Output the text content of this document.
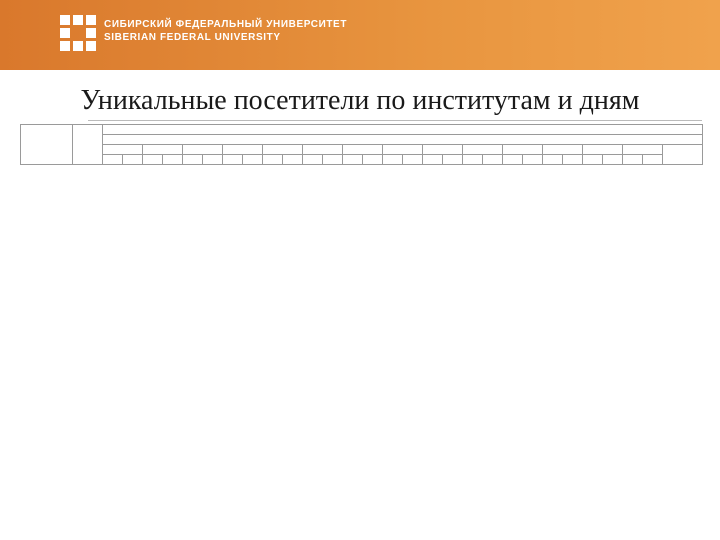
СИБИРСКИЙ ФЕДЕРАЛЬНЫЙ УНИВЕРСИТЕТ
SIBERIAN FEDERAL UNIVERSITY
Уникальные посетители по институтам и дням
